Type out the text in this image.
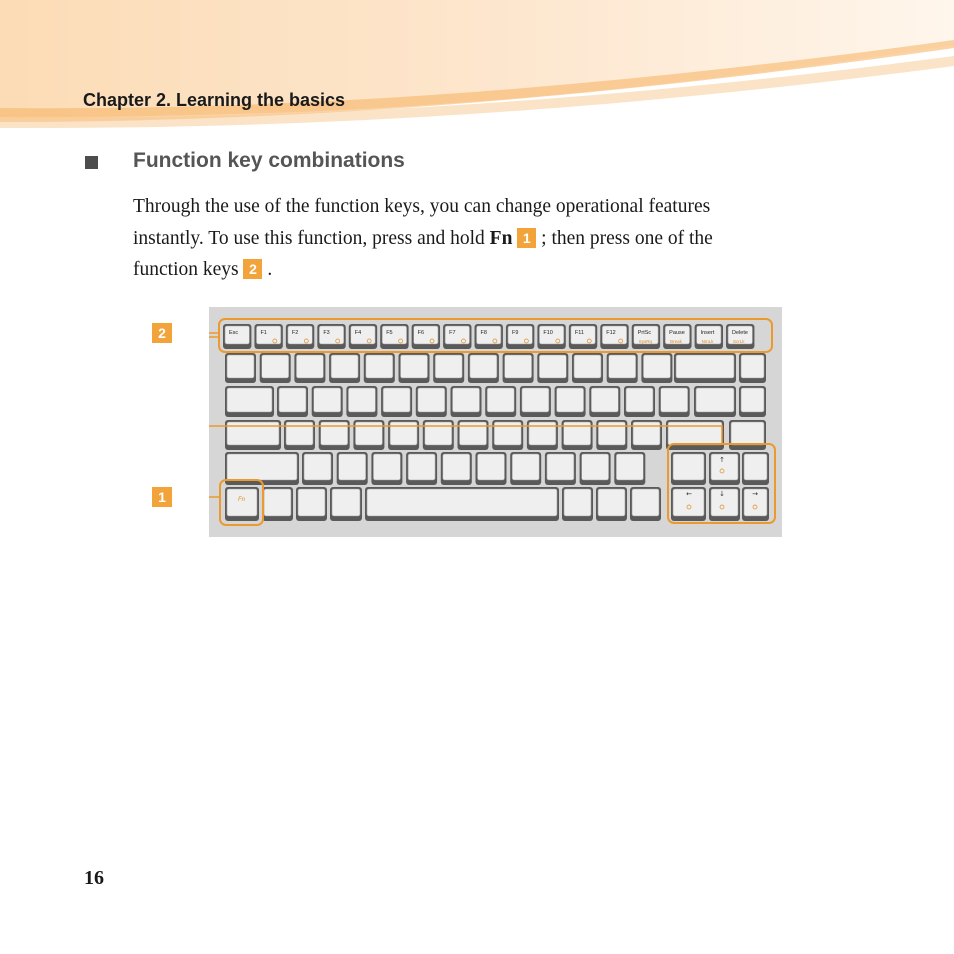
Chapter 2. Learning the basics
Function key combinations
Through the use of the function keys, you can change operational features
instantly. To use this function, press and hold Fn 1 ; then press one of the
function keys 2 .
Fn
↑
←	↓	→
Esc	F1	F2	F3	F4	F5	F6	F7	F8	F9	F10	F11	F12	PrtSc
SysRq
Pause
Break
Insert
NmLk
Delete
ScrLk
16
2
1
